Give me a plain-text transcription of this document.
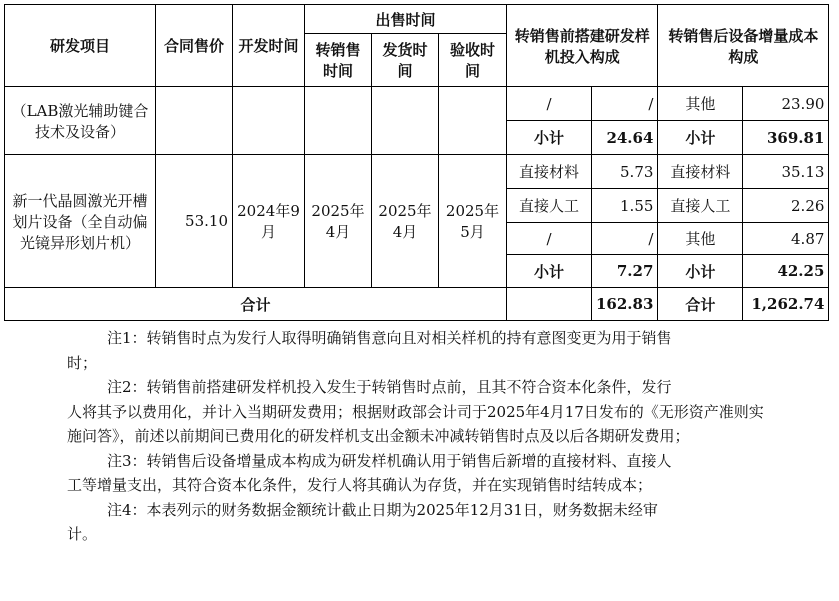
研发项目	合同售价	开发时间	出售时间			转销售前搭建研发样机投入构成		转销售后设备增量成本构成	
			转销售时间	发货时间	验收时间				
（LAB激光辅助键合技术及设备）						/	/	其他	23.90
						小计	24.64	小计	369.81
新一代晶圆激光开槽划片设备（全自动偏光镜异形划片机）	53.10	2024年9月	2025年4月	2025年4月	2025年5月	直接材料	5.73	直接材料	35.13
						直接人工	1.55	直接人工	2.26
						/	/	其他	4.87
						小计	7.27	小计	42.25
合计							162.83	合计	1,262.74

注1：转销售时点为发行人取得明确销售意向且对相关样机的持有意图变更为用于销售

时；

注2：转销售前搭建研发样机投入发生于转销售时点前，且其不符合资本化条件，发行

人将其予以费用化，并计入当期研发费用；根据财政部会计司于2025年4月17日发布的《无形资产准则实施问答》，前述以前期间已费用化的研发样机支出金额未冲减转销售时点及以后各期研发费用；

注3：转销售后设备增量成本构成为研发样机确认用于销售后新增的直接材料、直接人

工等增量支出，其符合资本化条件，发行人将其确认为存货，并在实现销售时结转成本；

注4：本表列示的财务数据金额统计截止日期为2025年12月31日，财务数据未经审

计。
